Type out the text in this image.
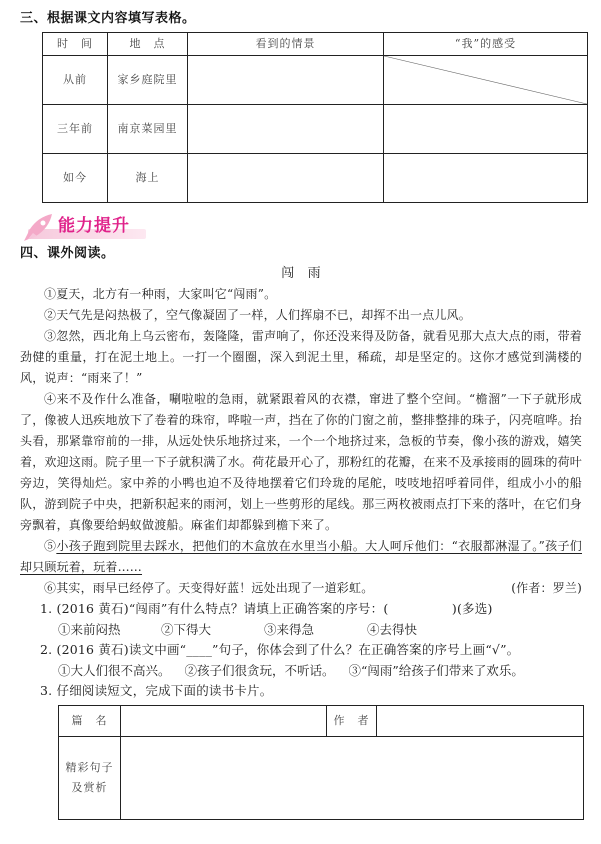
三、根据课文内容填写表格。
时　间	地　点	看到的情景	“我”的感受
从前	家乡庭院里		

三年前	南京菜园里		
如今	海上		
能力提升
四、课外阅读。
闯　雨

①夏天，北方有一种雨，大家叫它“闯雨”。

②天气先是闷热极了，空气像凝固了一样，人们挥扇不已，却挥不出一点儿风。

③忽然，西北角上乌云密布，轰隆隆，雷声响了，你还没来得及防备，就看见那大点大点的雨，带着劲健的重量，打在泥土地上。一打一个圈圈，深入到泥土里，稀疏，却是坚定的。这你才感觉到满楼的风，说声：“雨来了！”

④来不及作什么准备，唰啦啦的急雨，就紧跟着风的衣襟，窜进了整个空间。“檐溜”一下子就形成了，像被人迅疾地放下了卷着的珠帘，哗啦一声，挡在了你的门窗之前，整排整排的珠子，闪亮喧哗。抬头看，那紧靠帘前的一排，从远处快乐地挤过来，一个一个地挤过来，急板的节奏，像小孩的游戏，嬉笑着，欢迎这雨。院子里一下子就积满了水。荷花最开心了，那粉红的花瓣，在来不及承接雨的圆珠的荷叶旁边，笑得灿烂。家中养的小鸭也迫不及待地摆着它们玲珑的尾舵，吱吱地招呼着同伴，组成小小的船队，游到院子中央，把新积起来的雨河，划上一些剪形的尾线。那三两枚被雨点打下来的落叶，在它们身旁飘着，真像要给蚂蚁做渡船。麻雀们却都躲到檐下来了。

⑤小孩子跑到院里去踩水，把他们的木盒放在水里当小船。大人呵斥他们：“衣服都淋湿了。”孩子们却只顾玩着，玩着……

⑥其实，雨早已经停了。天变得好蓝！远处出现了一道彩虹。	(作者：罗兰)
1. (2016 黄石)“闯雨”有什么特点？请填上正确答案的序号：(　　　　　)(多选)
①来前闷热	②下得大	③来得急	④去得快
2. (2016 黄石)读文中画“____”句子，你体会到了什么？在正确答案的序号上画“√”。
①大人们很不高兴。 ②孩子们很贪玩，不听话。 ③“闯雨”给孩子们带来了欢乐。
3. 仔细阅读短文，完成下面的读书卡片。
篇　名		作　者	

精彩句子
及赏析			
